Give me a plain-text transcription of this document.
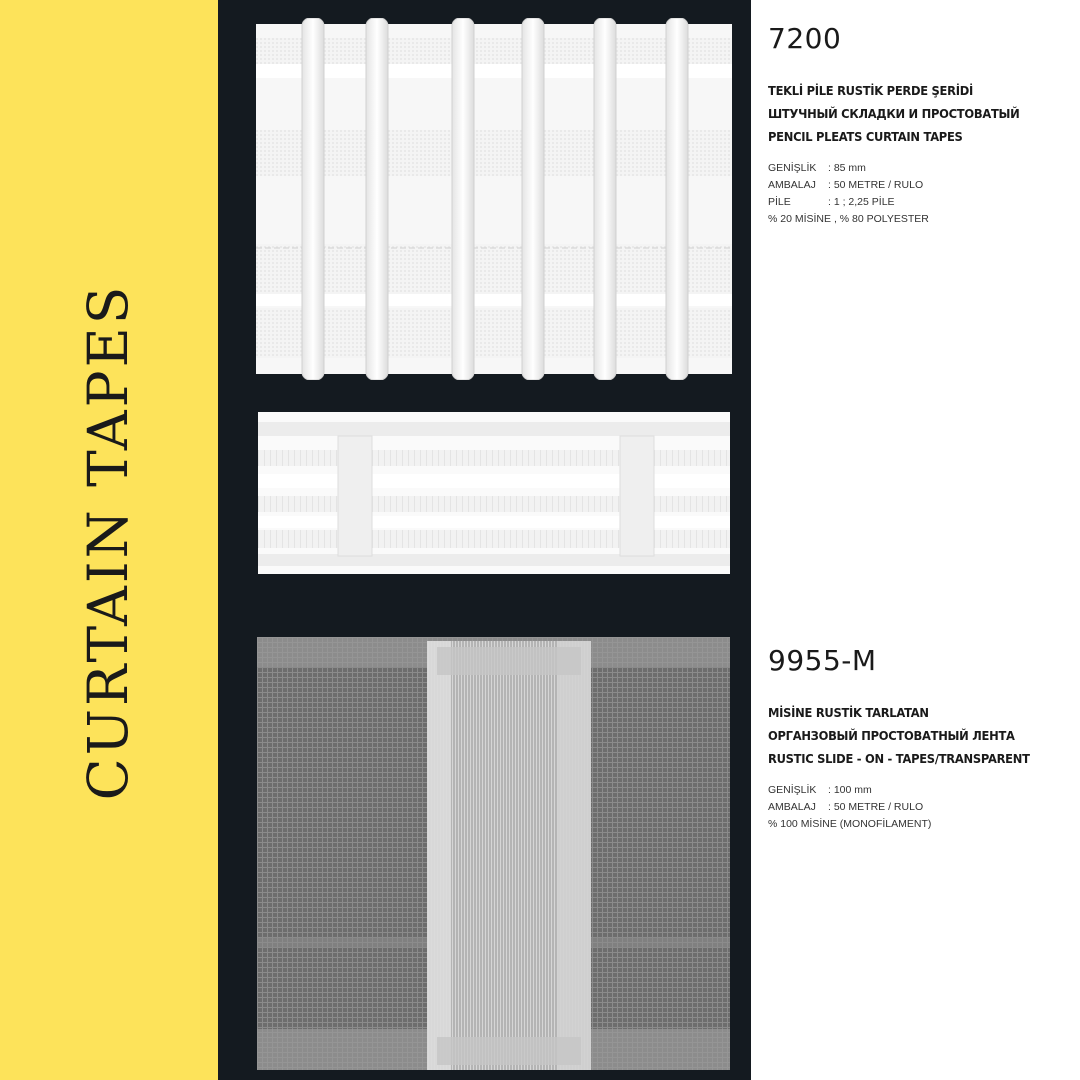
CURTAIN TAPES
7200
TEKLİ PİLE RUSTİK PERDE ŞERİDİ
ШТУЧНЫЙ СКЛАДКИ И ПРОСТОВАТЫЙ
PENCIL PLEATS CURTAIN TAPES
GENİŞLİK : 85 mm
AMBALAJ : 50 METRE / RULO
PİLE	: 1 ; 2,25 PİLE
% 20 MİSİNE , % 80 POLYESTER
9955-M
MİSİNE RUSTİK TARLATAN
ОРГАНЗОВЫЙ ПРОСТОВАТНЫЙ ЛЕНТА
RUSTIC SLIDE - ON - TAPES/TRANSPARENT
GENİŞLİK : 100 mm
AMBALAJ : 50 METRE / RULO
% 100 MİSİNE (MONOFİLAMENT)
